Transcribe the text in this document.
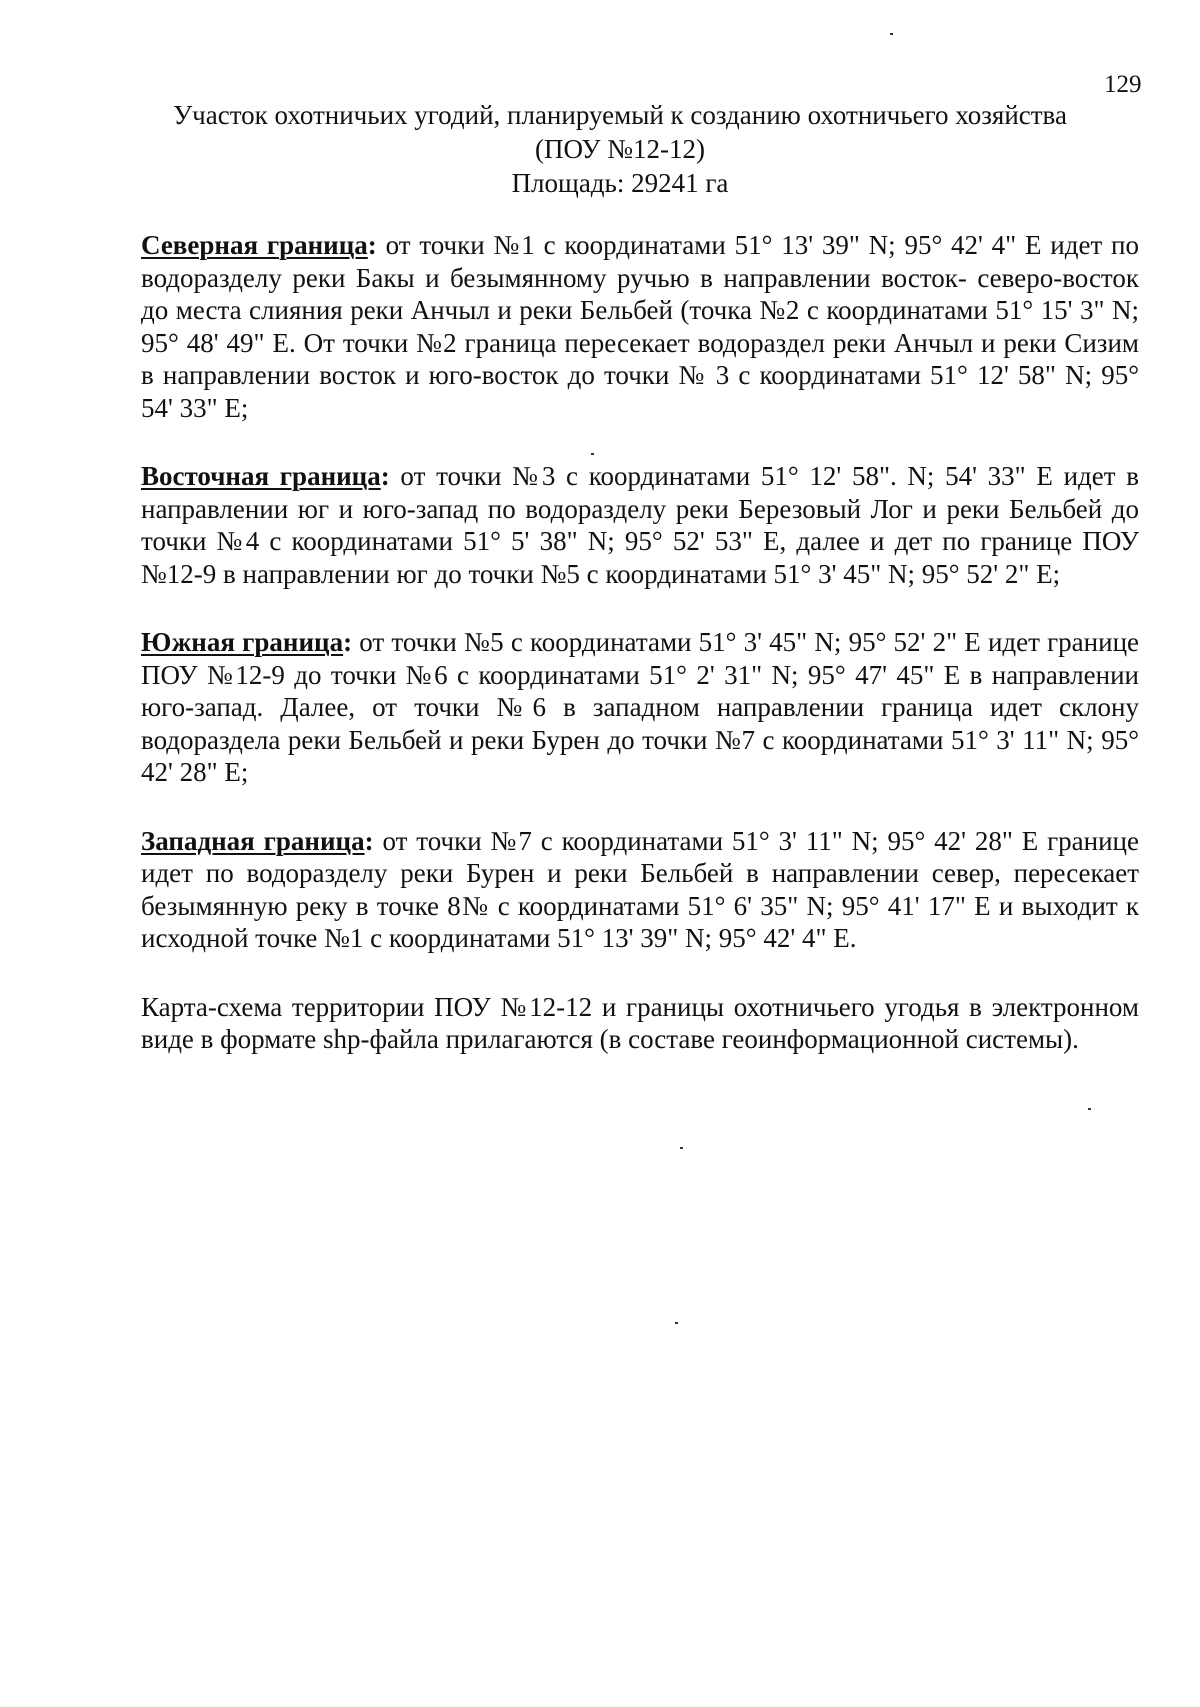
129
Участок охотничьих угодий, планируемый к созданию охотничьего хозяйства
(ПОУ №12-12)
Площадь: 29241 га
Северная граница: от точки №1 с координатами 51° 13' 39" N; 95° 42' 4" Е идет по водоразделу реки Бакы и безымянному ручью в направлении восток- северо-восток до места слияния реки Анчыл и реки Бельбей (точка №2 с координатами 51° 15' 3" N; 95° 48' 49" Е. От точки №2 граница пересекает водораздел реки Анчыл и реки Сизим в направлении восток и юго-восток до точки № 3 с координатами 51° 12' 58" N; 95° 54' 33" Е;
Восточная граница: от точки №3 с координатами 51° 12' 58". N; 54' 33" Е идет в направлении юг и юго-запад по водоразделу реки Березовый Лог и реки Бельбей до точки №4 с координатами 51° 5' 38" N; 95° 52' 53" Е, далее и дет по границе ПОУ №12-9 в направлении юг до точки №5 с координатами 51° 3' 45" N; 95° 52' 2" Е;
Южная граница: от точки №5 с координатами 51° 3' 45" N; 95° 52' 2" Е идет границе ПОУ №12-9 до точки №6 с координатами 51° 2' 31" N; 95° 47' 45" Е в направлении юго-запад. Далее, от точки №6 в западном направлении граница идет склону водораздела реки Бельбей и реки Бурен до точки №7 с координатами 51° 3' 11" N; 95° 42' 28" Е;
Западная граница: от точки №7 с координатами 51° 3' 11" N; 95° 42' 28" Е границе идет по водоразделу реки Бурен и реки Бельбей в направлении север, пересекает безымянную реку в точке 8№ с координатами 51° 6' 35" N; 95° 41' 17" Е и выходит к исходной точке №1 с координатами 51° 13' 39" N; 95° 42' 4" Е.
Карта-схема территории ПОУ №12-12 и границы охотничьего угодья в электронном виде в формате shp-файла прилагаются (в составе геоинформационной системы).
